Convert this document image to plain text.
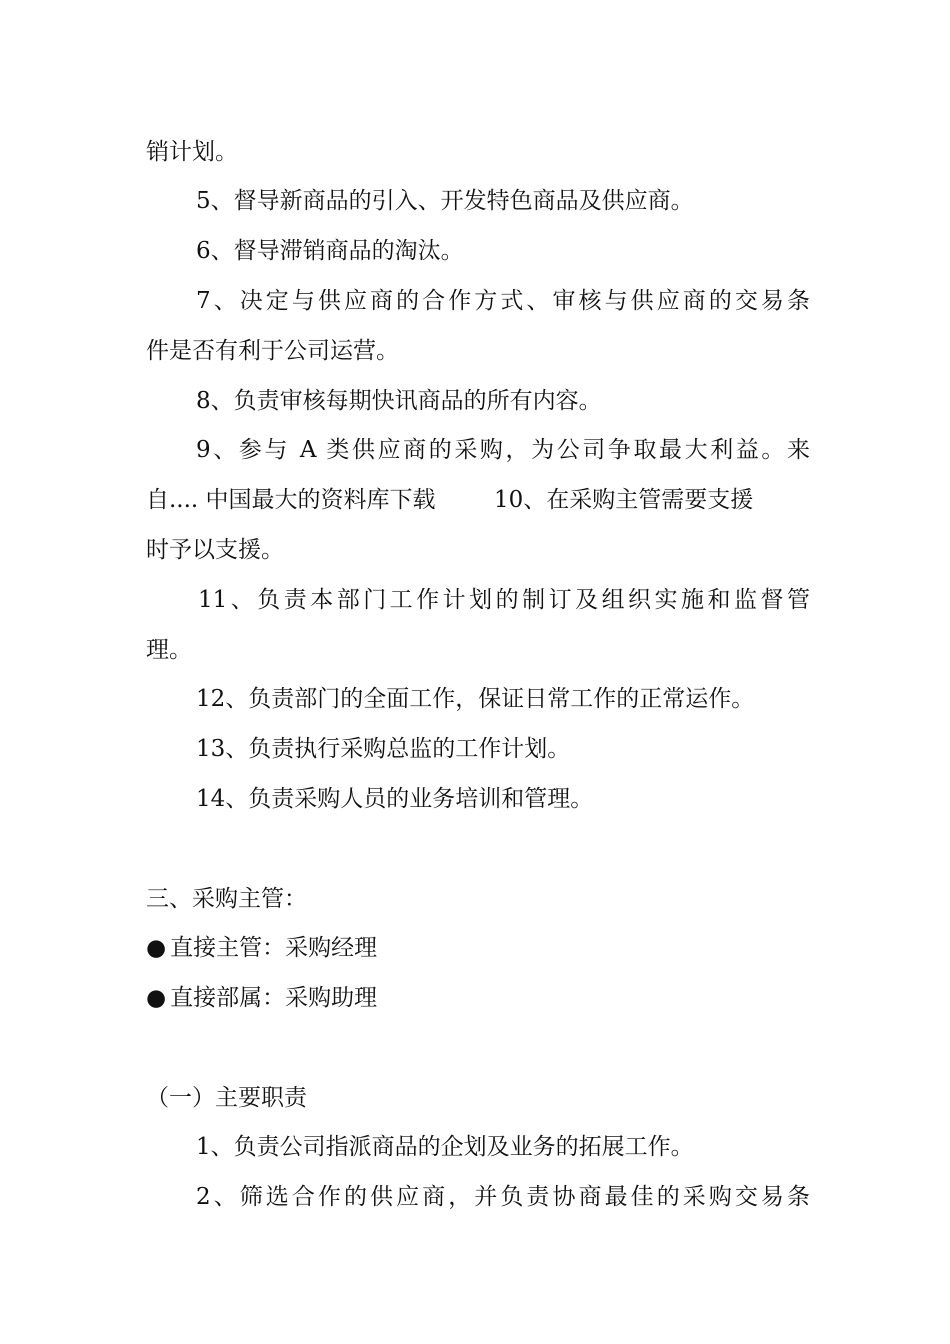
销计划。
5、督导新商品的引入、开发特色商品及供应商。
6、督导滞销商品的淘汰。
7、决定与供应商的合作方式、审核与供应商的交易条
件是否有利于公司运营。
8、负责审核每期快讯商品的所有内容。
9、参与 A 类供应商的采购，为公司争取最大利益。来
自.... 中国最大的资料库下载        10、在采购主管需要支援
时予以支援。
11、负责本部门工作计划的制订及组织实施和监督管
理。
12、负责部门的全面工作，保证日常工作的正常运作。
13、负责执行采购总监的工作计划。
14、负责采购人员的业务培训和管理。
三、采购主管：
● 直接主管：采购经理
● 直接部属：采购助理
（一）主要职责
1、负责公司指派商品的企划及业务的拓展工作。
2、筛选合作的供应商，并负责协商最佳的采购交易条
